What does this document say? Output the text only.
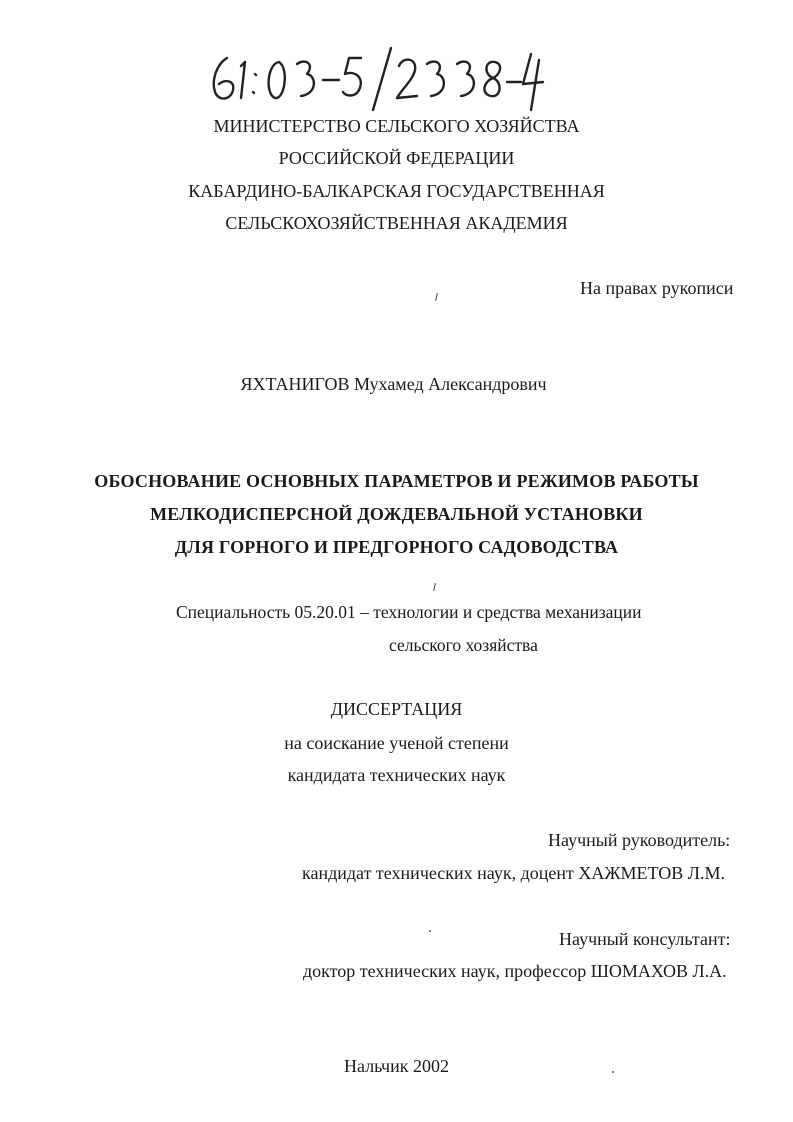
МИНИСТЕРСТВО СЕЛЬСКОГО ХОЗЯЙСТВА
РОССИЙСКОЙ ФЕДЕРАЦИИ
КАБАРДИНО-БАЛКАРСКАЯ ГОСУДАРСТВЕННАЯ
СЕЛЬСКОХОЗЯЙСТВЕННАЯ АКАДЕМИЯ
На правах рукописи
ЯХТАНИГОВ Мухамед Александрович
ОБОСНОВАНИЕ ОСНОВНЫХ ПАРАМЕТРОВ И РЕЖИМОВ РАБОТЫ
МЕЛКОДИСПЕРСНОЙ ДОЖДЕВАЛЬНОЙ УСТАНОВКИ
ДЛЯ ГОРНОГО И ПРЕДГОРНОГО САДОВОДСТВА
Специальность 05.20.01 – технологии и средства механизации
сельского хозяйства
ДИССЕРТАЦИЯ
на соискание ученой степени
кандидата технических наук
Научный руководитель:
кандидат технических наук, доцент ХАЖМЕТОВ Л.М.
Научный консультант:
доктор технических наук, профессор ШОМАХОВ Л.А.
Нальчик 2002
